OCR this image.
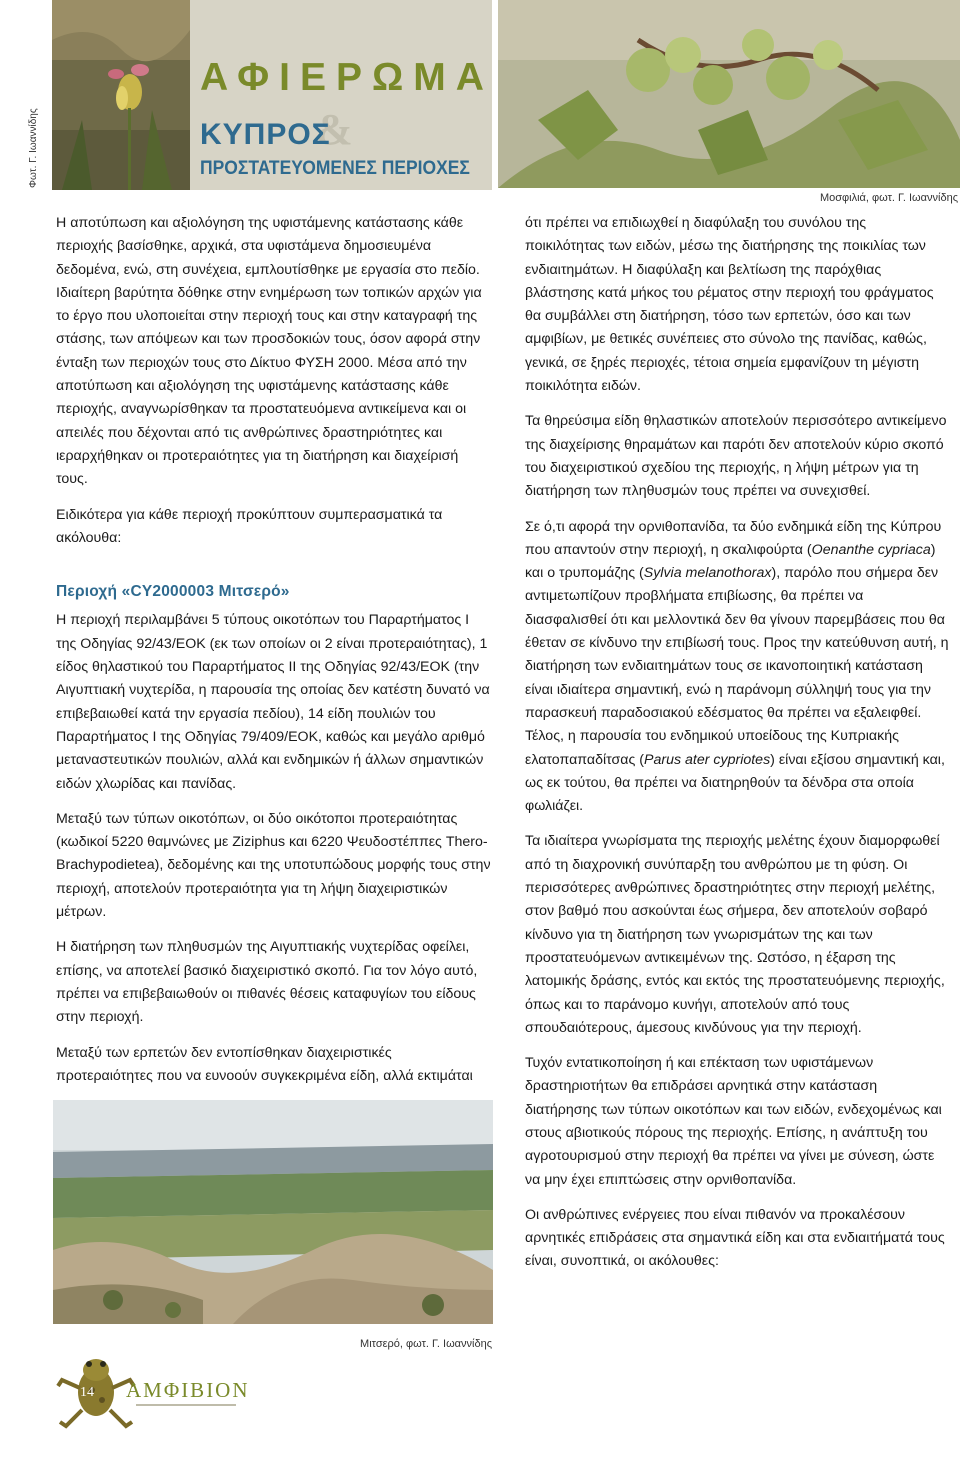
Φωτ. Γ. Ιωαννίδης
ΑΦΙΕΡΩΜΑ
&
ΚΥΠΡΟΣ
ΠΡΟΣΤΑΤΕΥΟΜΕΝΕΣ ΠΕΡΙΟΧΕΣ
Μοσφιλιά, φωτ. Γ. Ιωαννίδης

Η αποτύπωση και αξιολόγηση της υφιστάμενης κατάστασης κάθε περιοχής βασίσθηκε, αρχικά, στα υφιστάμενα δημοσιευμένα δεδομένα, ενώ, στη συνέχεια, εμπλουτίσθηκε με εργασία στο πεδίο. Ιδιαίτερη βαρύτητα δόθηκε στην ενημέρωση των τοπικών αρχών για το έργο που υλοποιείται στην περιοχή τους και στην καταγραφή της στάσης, των απόψεων και των προσδοκιών τους, όσον αφορά στην ένταξη των περιοχών τους στο Δίκτυο ΦΥΣΗ 2000. Μέσα από την αποτύπωση και αξιολόγηση της υφιστάμενης κατάστασης κάθε περιοχής, αναγνωρίσθηκαν τα προστατευόμενα αντικείμενα και οι απειλές που δέχονται από τις ανθρώπινες δραστηριότητες και ιεραρχήθηκαν οι προτεραιότητες για τη διατήρηση και διαχείρισή τους.

Ειδικότερα για κάθε περιοχή προκύπτουν συμπερασματικά τα ακόλουθα:

Περιοχή «CY2000003 Μιτσερό»

Η περιοχή περιλαμβάνει 5 τύπους οικοτόπων του Παραρτήματος Ι της Οδηγίας 92/43/ΕΟΚ (εκ των οποίων οι 2 είναι προτεραιότητας), 1 είδος θηλαστικού του Παραρτήματος ΙΙ της Οδηγίας 92/43/ΕΟΚ (την Αιγυπτιακή νυχτερίδα, η παρουσία της οποίας δεν κατέστη δυνατό να επιβεβαιωθεί κατά την εργασία πεδίου), 14 είδη πουλιών του Παραρτήματος Ι της Οδηγίας 79/409/ΕΟΚ, καθώς και μεγάλο αριθμό μεταναστευτικών πουλιών, αλλά και ενδημικών ή άλλων σημαντικών ειδών χλωρίδας και πανίδας.

Μεταξύ των τύπων οικοτόπων, οι δύο οικότοποι προτεραιότητας (κωδικοί 5220 θαμνώνες με Ziziphus και 6220 Ψευδοστέππες Thero-Brachypodietea), δεδομένης και της υποτυπώδους μορφής τους στην περιοχή, αποτελούν προτεραιότητα για τη λήψη διαχειριστικών μέτρων.

Η διατήρηση των πληθυσμών της Αιγυπτιακής νυχτερίδας οφείλει, επίσης, να αποτελεί βασικό διαχειριστικό σκοπό. Για τον λόγο αυτό, πρέπει να επιβεβαιωθούν οι πιθανές θέσεις καταφυγίων του είδους στην περιοχή.

Μεταξύ των ερπετών δεν εντοπίσθηκαν διαχειριστικές προτεραιότητες που να ευνοούν συγκεκριμένα είδη, αλλά εκτιμάται

Μιτσερό, φωτ. Γ. Ιωαννίδης

ότι πρέπει να επιδιωχθεί η διαφύλαξη του συνόλου της ποικιλότητας των ειδών, μέσω της διατήρησης της ποικιλίας των ενδιαιτημάτων. Η διαφύλαξη και βελτίωση της παρόχθιας βλάστησης κατά μήκος του ρέματος στην περιοχή του φράγματος θα συμβάλλει στη διατήρηση, τόσο των ερπετών, όσο και των αμφιβίων, με θετικές συνέπειες στο σύνολο της πανίδας, καθώς, γενικά, σε ξηρές περιοχές, τέτοια σημεία εμφανίζουν τη μέγιστη ποικιλότητα ειδών.

Τα θηρεύσιμα είδη θηλαστικών αποτελούν περισσότερο αντικείμενο της διαχείρισης θηραμάτων και παρότι δεν αποτελούν κύριο σκοπό του διαχειριστικού σχεδίου της περιοχής, η λήψη μέτρων για τη διατήρηση των πληθυσμών τους πρέπει να συνεχισθεί.

Σε ό,τι αφορά την ορνιθοπανίδα, τα δύο ενδημικά είδη της Κύπρου που απαντούν στην περιοχή, η σκαλιφούρτα (Oenanthe cypriaca) και ο τρυπομάζης (Sylvia melanothorax), παρόλο που σήμερα δεν αντιμετωπίζουν προβλήματα επιβίωσης, θα πρέπει να διασφαλισθεί ότι και μελλοντικά δεν θα γίνουν παρεμβάσεις που θα έθεταν σε κίνδυνο την επιβίωσή τους. Προς την κατεύθυνση αυτή, η διατήρηση των ενδιαιτημάτων τους σε ικανοποιητική κατάσταση είναι ιδιαίτερα σημαντική, ενώ η παράνομη σύλληψή τους για την παρασκευή παραδοσιακού εδέσματος θα πρέπει να εξαλειφθεί. Τέλος, η παρουσία του ενδημικού υποείδους της Κυπριακής ελατοπαπαδίτσας (Parus ater cypriotes) είναι εξίσου σημαντική και, ως εκ τούτου, θα πρέπει να διατηρηθούν τα δένδρα στα οποία φωλιάζει.

Τα ιδιαίτερα γνωρίσματα της περιοχής μελέτης έχουν διαμορφωθεί από τη διαχρονική συνύπαρξη του ανθρώπου με τη φύση. Οι περισσότερες ανθρώπινες δραστηριότητες στην περιοχή μελέτης, στον βαθμό που ασκούνται έως σήμερα, δεν αποτελούν σοβαρό κίνδυνο για τη διατήρηση των γνωρισμάτων της και των προστατευόμενων αντικειμένων της. Ωστόσο, η έξαρση της λατομικής δράσης, εντός και εκτός της προστατευόμενης περιοχής, όπως και το παράνομο κυνήγι, αποτελούν από τους σπουδαιότερους, άμεσους κινδύνους για την περιοχή.

Τυχόν εντατικοποίηση ή και επέκταση των υφιστάμενων δραστηριοτήτων θα επιδράσει αρνητικά στην κατάσταση διατήρησης των τύπων οικοτόπων και των ειδών, ενδεχομένως και στους αβιοτικούς πόρους της περιοχής. Επίσης, η ανάπτυξη του αγροτουρισμού στην περιοχή θα πρέπει να γίνει με σύνεση, ώστε να μην έχει επιπτώσεις στην ορνιθοπανίδα.

Οι ανθρώπινες ενέργειες που είναι πιθανόν να προκαλέσουν αρνητικές επιδράσεις στα σημαντικά είδη και στα ενδιαιτήματά τους είναι, συνοπτικά, οι ακόλουθες:

14 ΑΜΦΙΒΙΟΝ
